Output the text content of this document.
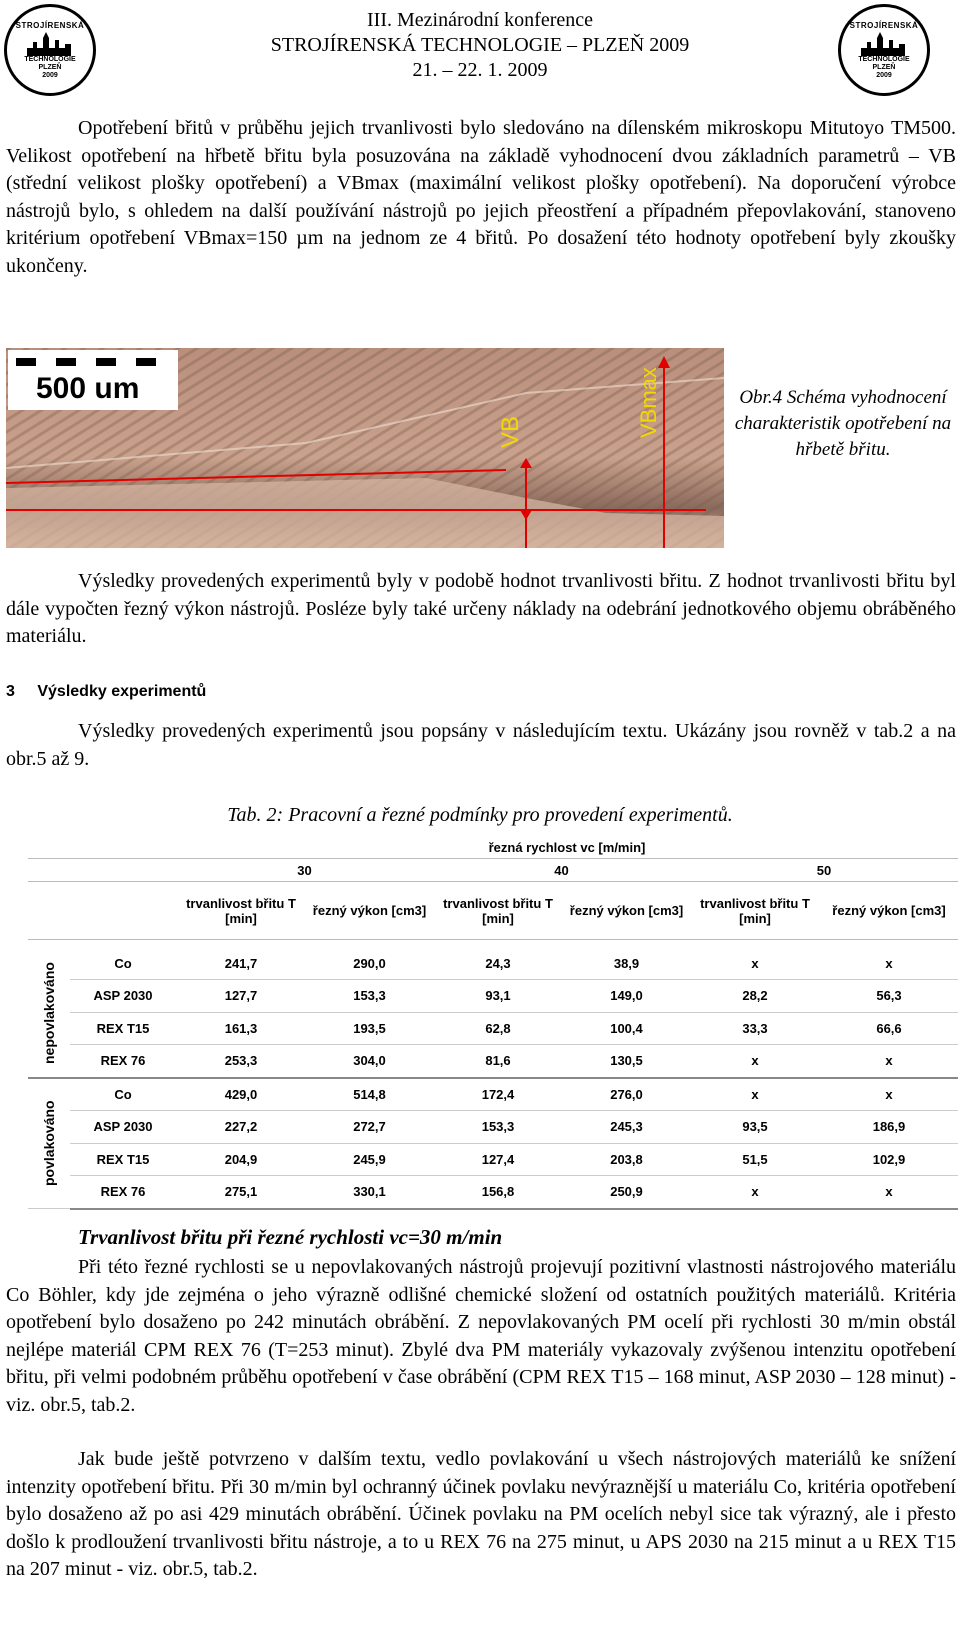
STROJÍRENSKÁ
TECHNOLOGIE
PLZEŇ
2009
STROJÍRENSKÁ
TECHNOLOGIE
PLZEŇ
2009
III. Mezinárodní konference
STROJÍRENSKÁ TECHNOLOGIE – PLZEŇ 2009
21. – 22. 1. 2009
Opotřebení břitů v průběhu jejich trvanlivosti bylo sledováno na dílenském mikroskopu Mitutoyo TM500. Velikost opotřebení na hřbetě břitu byla posuzována na základě vyhodnocení dvou základních parametrů – VB (střední velikost plošky opotřebení) a VBmax (maximální velikost plošky opotřebení). Na doporučení výrobce nástrojů bylo, s ohledem na další používání nástrojů po jejich přeostření a případném přepovlakování, stanoveno kritérium opotřebení VBmax=150 µm na jednom ze 4 břitů. Po dosažení této hodnoty opotřebení byly zkoušky ukončeny.
500 um
VB	VBmax	Obr.4 Schéma vyhodnocení charakteristik opotřebení na hřbetě břitu.
Výsledky provedených experimentů byly v podobě hodnot trvanlivosti břitu. Z hodnot trvanlivosti břitu byl dále vypočten řezný výkon nástrojů. Posléze byly také určeny náklady na odebrání jednotkového objemu obráběného materiálu.
3 Výsledky experimentů
Výsledky provedených experimentů jsou popsány v následujícím textu. Ukázány jsou rovněž v tab.2 a na obr.5 až 9.
Tab. 2: Pracovní a řezné podmínky pro provedení experimentů.
		řezná rychlost vc [m/min]					
		30		40		50	
		trvanlivost břitu T [min]	řezný výkon [cm3]	trvanlivost břitu T [min]	řezný výkon [cm3]	trvanlivost břitu T [min]	řezný výkon [cm3]

nepovlakováno	Co	241,7	290,0	24,3	38,9	x	x
	ASP 2030	127,7	153,3	93,1	149,0	28,2	56,3
	REX T15	161,3	193,5	62,8	100,4	33,3	66,6
	REX 76	253,3	304,0	81,6	130,5	x	x
povlakováno	Co	429,0	514,8	172,4	276,0	x	x
	ASP 2030	227,2	272,7	153,3	245,3	93,5	186,9
	REX T15	204,9	245,9	127,4	203,8	51,5	102,9
	REX 76	275,1	330,1	156,8	250,9	x	x
Trvanlivost břitu při řezné rychlosti vc=30 m/min
Při této řezné rychlosti se u nepovlakovaných nástrojů projevují pozitivní vlastnosti nástrojového materiálu Co Böhler, kdy jde zejména o jeho výrazně odlišné chemické složení od ostatních použitých materiálů. Kritéria opotřebení bylo dosaženo po 242 minutách obrábění. Z nepovlakovaných PM ocelí při rychlosti 30 m/min obstál nejlépe materiál CPM REX 76 (T=253 minut). Zbylé dva PM materiály vykazovaly zvýšenou intenzitu opotřebení břitu, při velmi podobném průběhu opotřebení v čase obrábění (CPM REX T15 – 168 minut, ASP 2030 – 128 minut) - viz. obr.5, tab.2.
Jak bude ještě potvrzeno v dalším textu, vedlo povlakování u všech nástrojových materiálů ke snížení intenzity opotřebení břitu. Při 30 m/min byl ochranný účinek povlaku nevýraznější u materiálu Co, kritéria opotřebení bylo dosaženo až po asi 429 minutách obrábění. Účinek povlaku na PM ocelích nebyl sice tak výrazný, ale i přesto došlo k prodloužení trvanlivosti břitu nástroje, a to u REX 76 na 275 minut, u APS 2030 na 215 minut a u REX T15 na 207 minut - viz. obr.5, tab.2.
